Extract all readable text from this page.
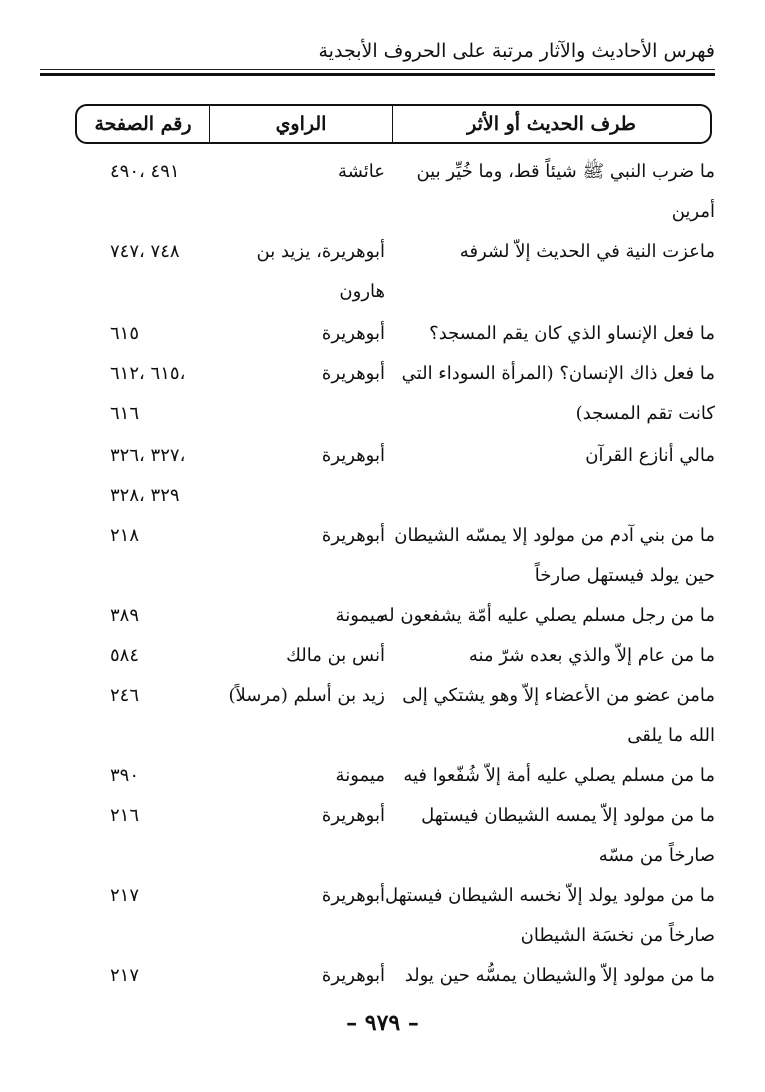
فهرس الأحاديث والآثار مرتبة على الحروف الأبجدية
طرف الحديث أو الأثر
الراوي
رقم الصفحة
ما ضرب النبي ﷺ شيئاً قط، وما خُيِّر بين
عائشة
٤٩١ ،٤٩٠
أمرين
ماعزت النية في الحديث إلاّ لشرفه
أبوهريرة، يزيد بن
٧٤٨ ،٧٤٧
هارون
ما فعل الإنساو الذي كان يقم المسجد؟
أبوهريرة
٦١٥
ما فعل ذاك الإنسان؟ (المرأة السوداء التي
أبوهريرة
،٦١٥ ،٦١٢
كانت تقم المسجد)
٦١٦
مالي أنازع القرآن
أبوهريرة
،٣٢٧ ،٣٢٦
٣٢٩ ،٣٢٨
ما من بني آدم من مولود إلا يمسّه الشيطان
أبوهريرة
٢١٨
حين يولد فيستهل صارخاً
ما من رجل مسلم يصلي عليه أمّة يشفعون له
ميمونة
٣٨٩
ما من عام إلاّ والذي بعده شرّ منه
أنس بن مالك
٥٨٤
مامن عضو من الأعضاء إلاّ وهو يشتكي إلى
زيد بن أسلم (مرسلاً)
٢٤٦
الله ما يلقى
ما من مسلم يصلي عليه أمة إلاّ شُفّعوا فيه
ميمونة
٣٩٠
ما من مولود إلاّ يمسه الشيطان فيستهل
أبوهريرة
٢١٦
صارخاً من مسّه
ما من مولود يولد إلاّ نخسه الشيطان فيستهل
أبوهريرة
٢١٧
صارخاً من نخسَة الشيطان
ما من مولود إلاّ والشيطان يمسُّه حين يولد
أبوهريرة
٢١٧
– ٩٧٩ –
